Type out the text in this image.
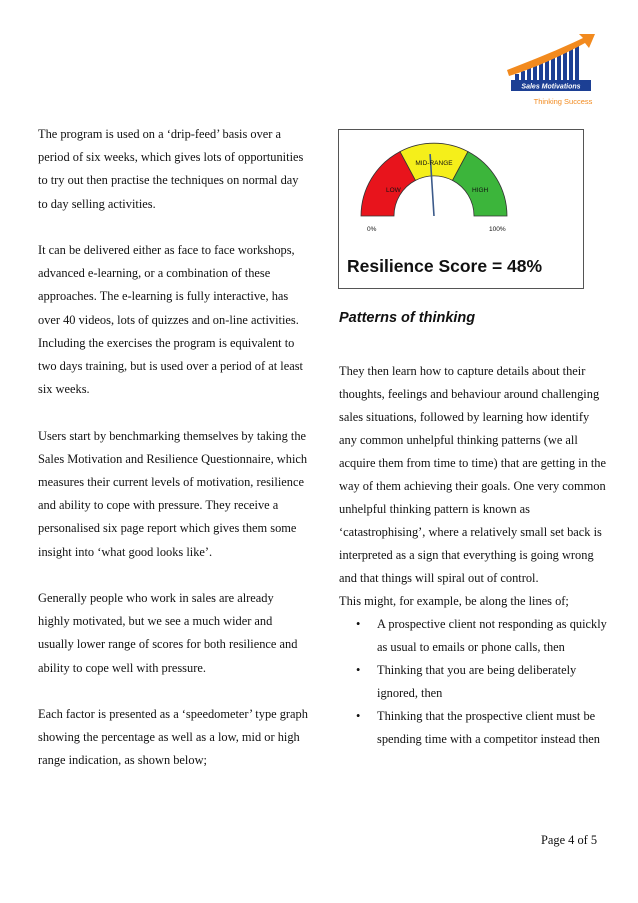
Sales Motivations
Thinking Success

The program is used on a ‘drip-feed’ basis over a period of six weeks, which gives lots of opportunities to try out then practise the techniques on normal day to day selling activities.

It can be delivered either as face to face workshops, advanced e-learning, or a combination of these approaches. The e-learning is fully interactive, has over 40 videos, lots of quizzes and on-line activities. Including the exercises the program is equivalent to two days training, but is used over a period of at least six weeks.

Users start by benchmarking themselves by taking the Sales Motivation and Resilience Questionnaire, which measures their current levels of motivation, resilience and ability to cope with pressure. They receive a personalised six page report which gives them some insight into ‘what good looks like’.

Generally people who work in sales are already highly motivated, but we see a much wider and usually lower range of scores for both resilience and ability to cope well with pressure.

Each factor is presented as a ‘speedometer’ type graph showing the percentage as well as a low, mid or high range indication, as shown below;

LOW
MID-RANGE
HIGH
0%	100%
Resilience Score = 48%
Patterns of thinking

They then learn how to capture details about their thoughts, feelings and behaviour around challenging sales situations, followed by learning how identify any common unhelpful thinking patterns (we all acquire them from time to time) that are getting in the way of them achieving their goals. One very common unhelpful thinking pattern is known as ‘catastrophising’, where a relatively small set back is interpreted as a sign that everything is going wrong and that things will spiral out of control.

This might, for example, be along the lines of;

• A prospective client not responding as quickly as usual to emails or phone calls, then
• Thinking that you are being deliberately ignored, then
• Thinking that the prospective client must be spending time with a competitor instead then
Page 4 of 5
